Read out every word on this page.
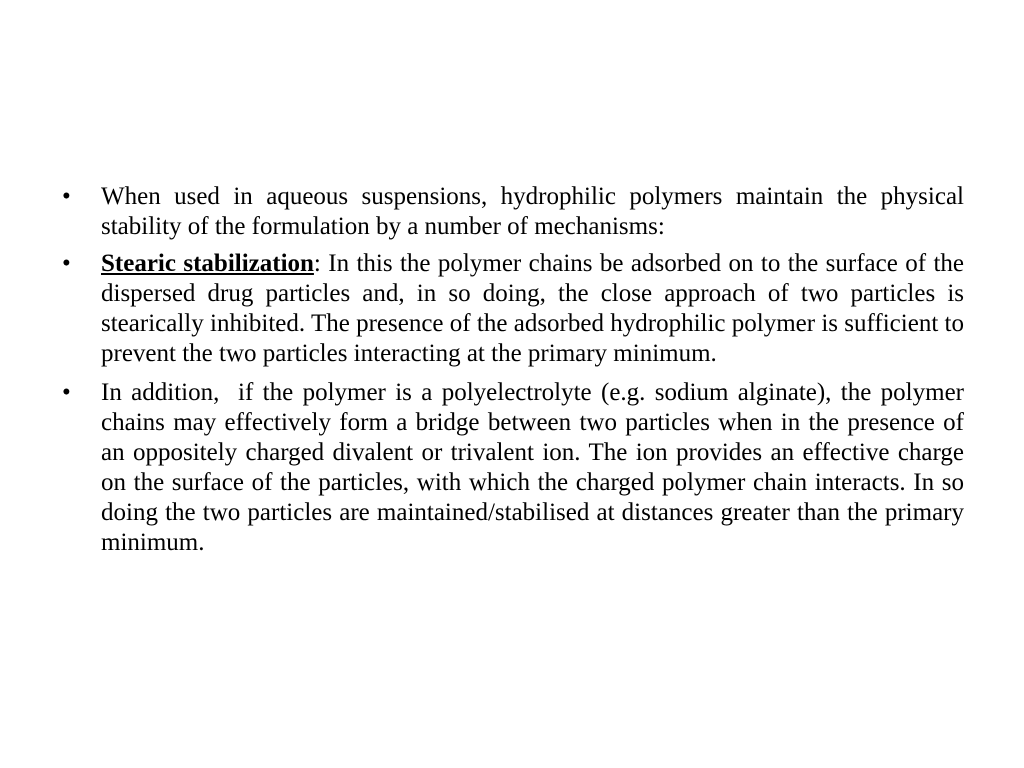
•	When used in aqueous suspensions, hydrophilic polymers maintain the physical stability of the formulation by a number of mechanisms:
•	Stearic stabilization: In this the polymer chains be adsorbed on to the surface of the dispersed drug particles and, in so doing, the close approach of two particles is stearically inhibited. The presence of the adsorbed hydrophilic polymer is sufficient to prevent the two particles interacting at the primary minimum.
•	In addition,  if the polymer is a polyelectrolyte (e.g. sodium alginate), the polymer chains may effectively form a bridge between two particles when in the presence of an oppositely charged divalent or trivalent ion. The ion provides an effective charge on the surface of the particles, with which the charged polymer chain interacts. In so doing the two particles are maintained/stabilised at distances greater than the primary minimum.
